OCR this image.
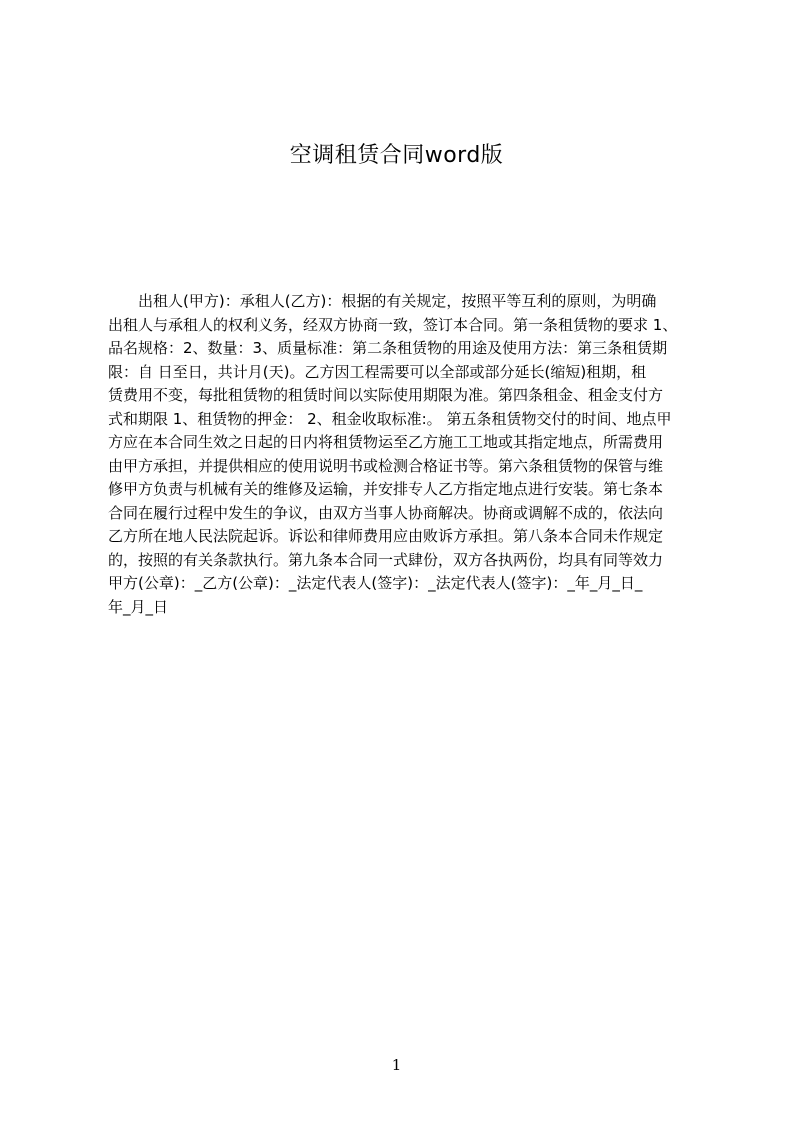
空调租赁合同word版
　　出租人(甲方)：承租人(乙方)：根据的有关规定，按照平等互利的原则，为明确
出租人与承租人的权利义务，经双方协商一致，签订本合同。第一条租赁物的要求 1、
品名规格：2、数量：3、质量标准：第二条租赁物的用途及使用方法：第三条租赁期
限：自 日至日，共计月(天)。乙方因工程需要可以全部或部分延长(缩短)租期，租
赁费用不变，每批租赁物的租赁时间以实际使用期限为准。第四条租金、租金支付方
式和期限 1、租赁物的押金： 2、租金收取标准:。 第五条租赁物交付的时间、地点甲
方应在本合同生效之日起的日内将租赁物运至乙方施工工地或其指定地点，所需费用
由甲方承担，并提供相应的使用说明书或检测合格证书等。第六条租赁物的保管与维
修甲方负责与机械有关的维修及运输，并安排专人乙方指定地点进行安装。第七条本
合同在履行过程中发生的争议，由双方当事人协商解决。协商或调解不成的，依法向
乙方所在地人民法院起诉。诉讼和律师费用应由败诉方承担。第八条本合同未作规定
的，按照的有关条款执行。第九条本合同一式肆份，双方各执两份，均具有同等效力
甲方(公章)：_乙方(公章)：_法定代表人(签字)：_法定代表人(签字)：_年_月_日_
年_月_日
1
